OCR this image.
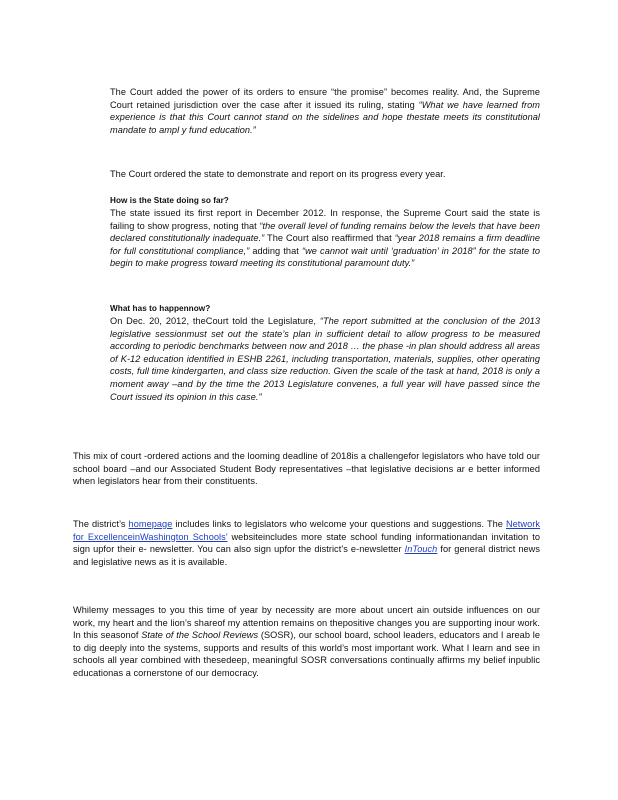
The Court added the power of its orders to ensure “the promise” becomes reality. And, the Supreme Court retained jurisdiction over the case after it issued its ruling, stating “What we have learned from experience is that this Court cannot stand on the sidelines and hope thestate meets its constitutional mandate to ampl y fund education.”

The Court ordered the state to demonstrate and report on its progress every year.

How is the State doing so far?
The state issued its first report in December 2012. In response, the Supreme Court said the state is failing to show progress, noting that “the overall level of funding remains below the levels that have been declared constitutionally inadequate.” The Court also reaffirmed that “year 2018 remains a firm deadline for full constitutional compliance,” adding that “we cannot wait until ‘graduation’ in 2018” for the state to begin to make progress toward meeting its constitutional paramount duty.”
What has to happennow?
On Dec. 20, 2012, theCourt told the Legislature, “The report submitted at the conclusion of the 2013 legislative sessionmust set out the state’s plan in sufficient detail to allow progress to be measured according to periodic benchmarks between now and 2018 … the phase -in plan should address all areas of K-12 education identified in ESHB 2261, including transportation, materials, supplies, other operating costs, full time kindergarten, and class size reduction. Given the scale of the task at hand, 2018 is only a moment away –and by the time the 2013 Legislature convenes, a full year will have passed since the Court issued its opinion in this case.”

This mix of court -ordered actions and the looming deadline of 2018is a challengefor legislators who have told our school board –and our Associated Student Body representatives –that legislative decisions ar e better informed when legislators hear from their constituents.

The district’s homepage includes links to legislators who welcome your questions and suggestions. The Network for ExcellenceinWashington Schools’ websiteincludes more state school funding informationandan invitation to sign upfor their e- newsletter. You can also sign upfor the district’s e-newsletter InTouch for general district news and legislative news as it is available.
Whilemy messages to you this time of year by necessity are more about uncert ain outside influences on our work, my heart and the lion’s shareof my attention remains on thepositive changes you are supporting inour work. In this seasonof State of the School Reviews (SOSR), our school board, school leaders, educators and I areab le to dig deeply into the systems, supports and results of this world’s most important work. What I learn and see in schools all year combined with thesedeep, meaningful SOSR conversations continually affirms my belief inpublic educationas a cornerstone of our democracy.
